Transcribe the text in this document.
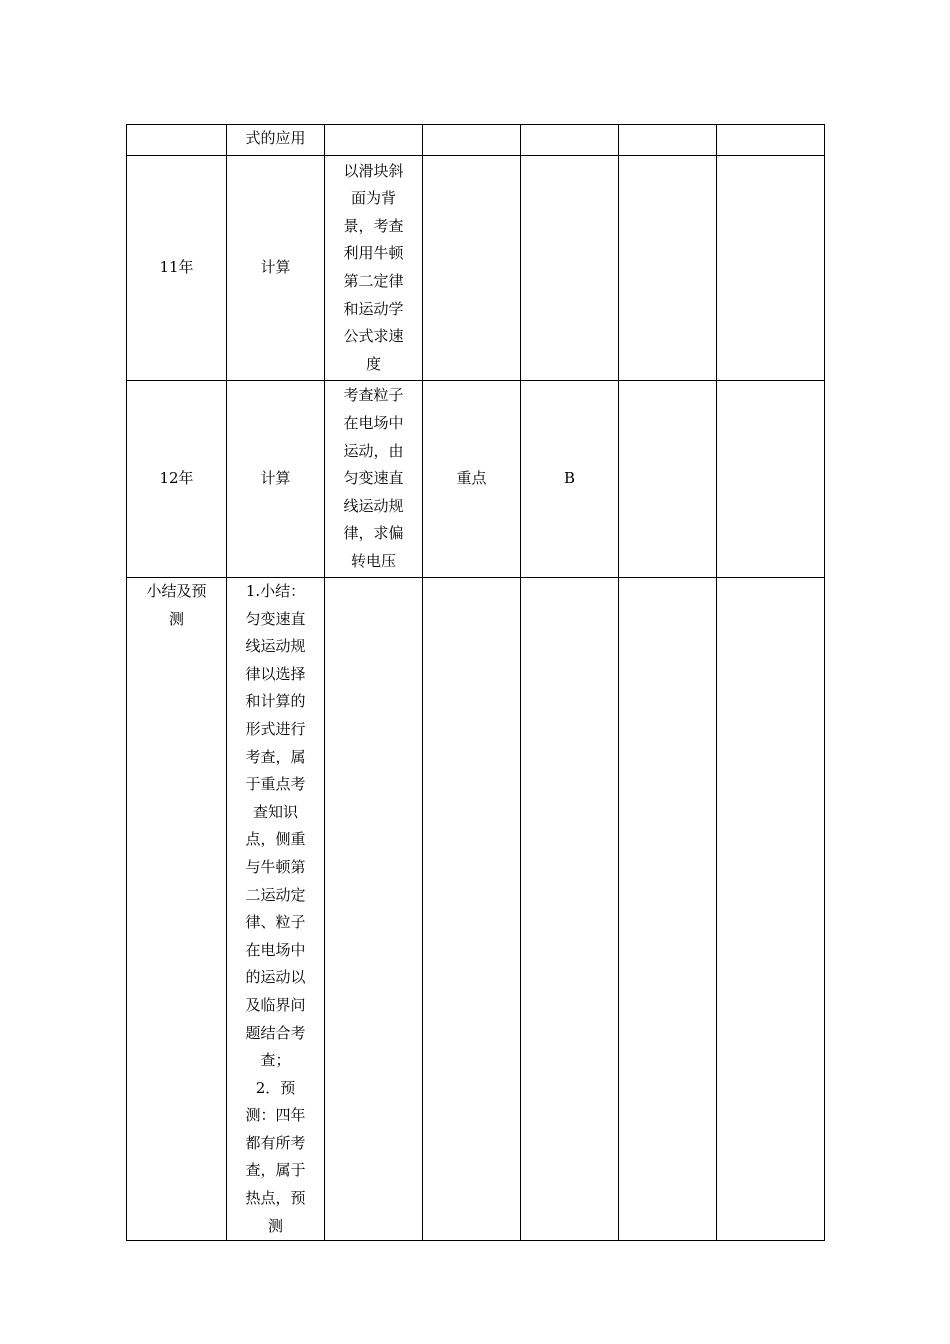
	式的应用					
11年	计算	以滑块斜面为背景，考查利用牛顿第二定律和运动学公式求速度				
12年	计算	考查粒子在电场中运动，由匀变速直线运动规律，求偏转电压	重点	B		
小结及预测	1.小结：匀变速直线运动规律以选择和计算的形式进行考查，属于重点考查知识点，侧重与牛顿第二运动定律、粒子在电场中的运动以及临界问题结合考查；
2．预测：四年都有所考查，属于热点，预测					
